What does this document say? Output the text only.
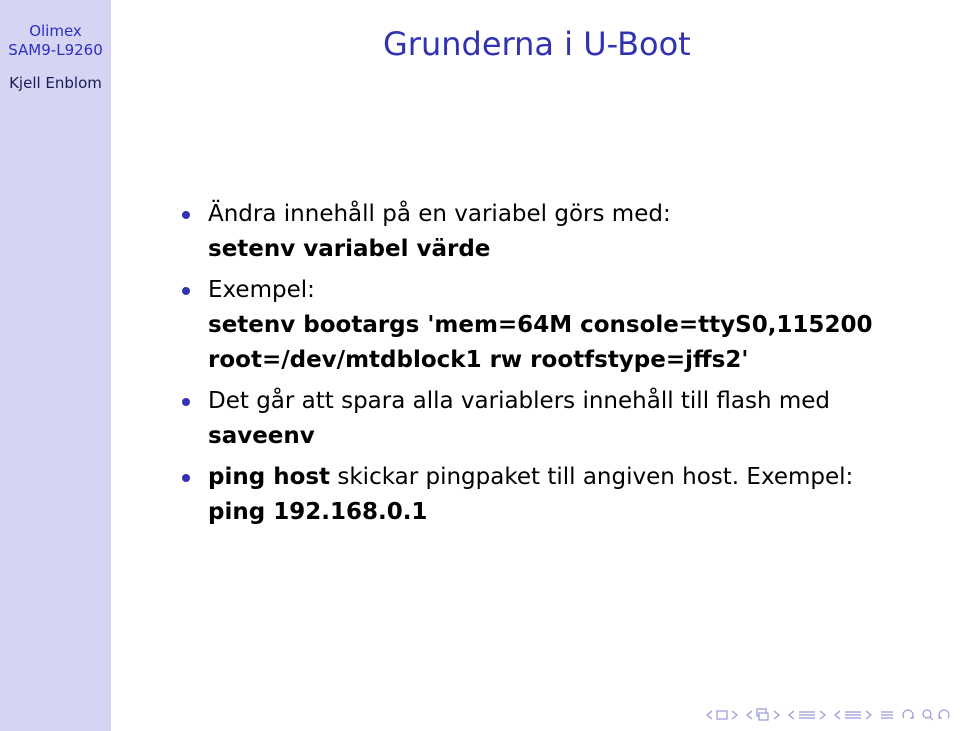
Olimex
SAM9-L9260
Kjell Enblom
Grunderna i U-Boot
Ändra innehåll på en variabel görs med:
setenv variabel värde
Exempel:
setenv bootargs 'mem=64M console=ttyS0,115200
root=/dev/mtdblock1 rw rootfstype=jffs2'
Det går att spara alla variablers innehåll till flash med
saveenv
ping host skickar pingpaket till angiven host. Exempel:
ping 192.168.0.1
